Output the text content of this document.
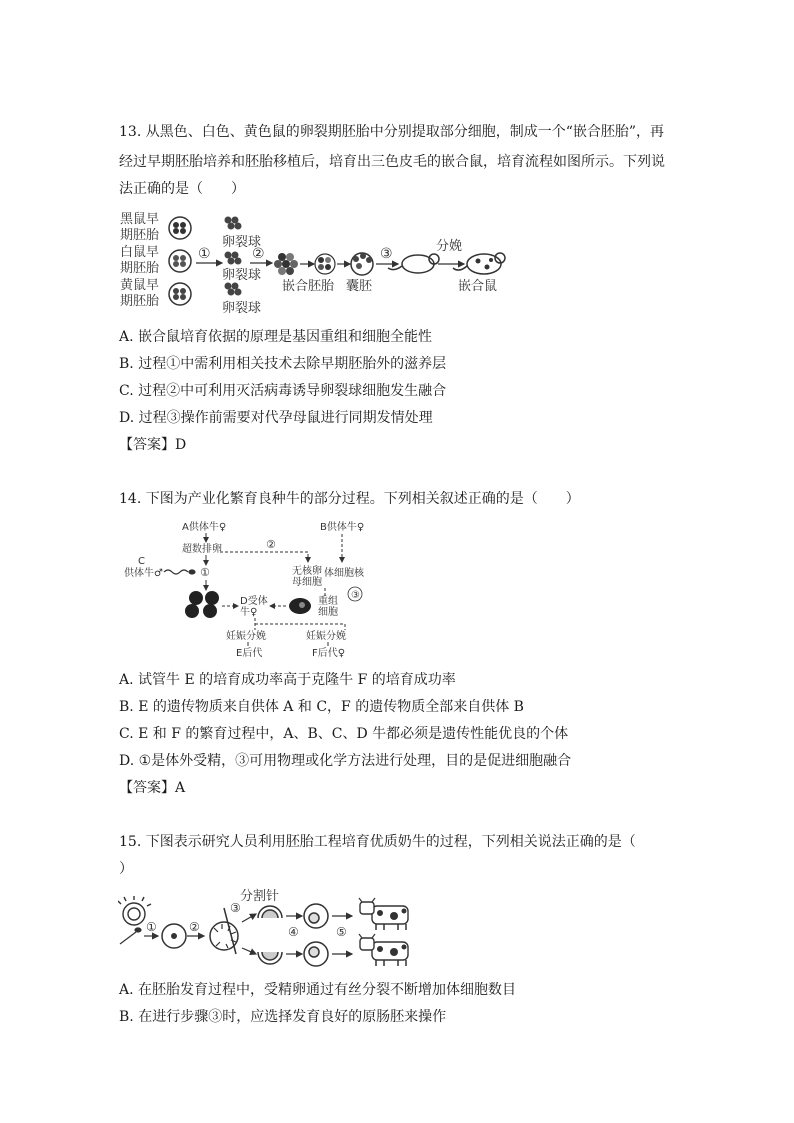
13. 从黑色、白色、黄色鼠的卵裂期胚胎中分别提取部分细胞，制成一个“嵌合胚胎”，再
经过早期胚胎培养和胚胎移植后，培育出三色皮毛的嵌合鼠，培育流程如图所示。下列说
法正确的是（　　）
黑鼠早
期胚胎
白鼠早
期胚胎
黄鼠早
期胚胎
①
卵裂球
卵裂球
卵裂球
②
嵌合胚胎 囊胚
③	分娩
嵌合鼠
A. 嵌合鼠培育依据的原理是基因重组和细胞全能性
B. 过程①中需利用相关技术去除早期胚胎外的滋养层
C. 过程②中可利用灭活病毒诱导卵裂球细胞发生融合
D. 过程③操作前需要对代孕母鼠进行同期发情处理
【答案】D
14. 下图为产业化繁育良种牛的部分过程。下列相关叙述正确的是（　　）
A供体牛♀	B供体牛♀
超数排卵
C
供体牛♂	①
②
无核卵
母细胞
体细胞核
D受体
牛♀
重组
细胞
③
妊娠分娩	妊娠分娩
E后代	F后代♀
A. 试管牛 E 的培育成功率高于克隆牛 F 的培育成功率
B. E 的遗传物质来自供体 A 和 C，F 的遗传物质全部来自供体 B
C. E 和 F 的繁育过程中，A、B、C、D 牛都必须是遗传性能优良的个体
D. ①是体外受精，③可用物理或化学方法进行处理，目的是促进细胞融合
【答案】A
15. 下图表示研究人员利用胚胎工程培育优质奶牛的过程，下列相关说法正确的是（
）
①	②
分割针
③
④	⑤
A. 在胚胎发育过程中，受精卵通过有丝分裂不断增加体细胞数目
B. 在进行步骤③时，应选择发育良好的原肠胚来操作
